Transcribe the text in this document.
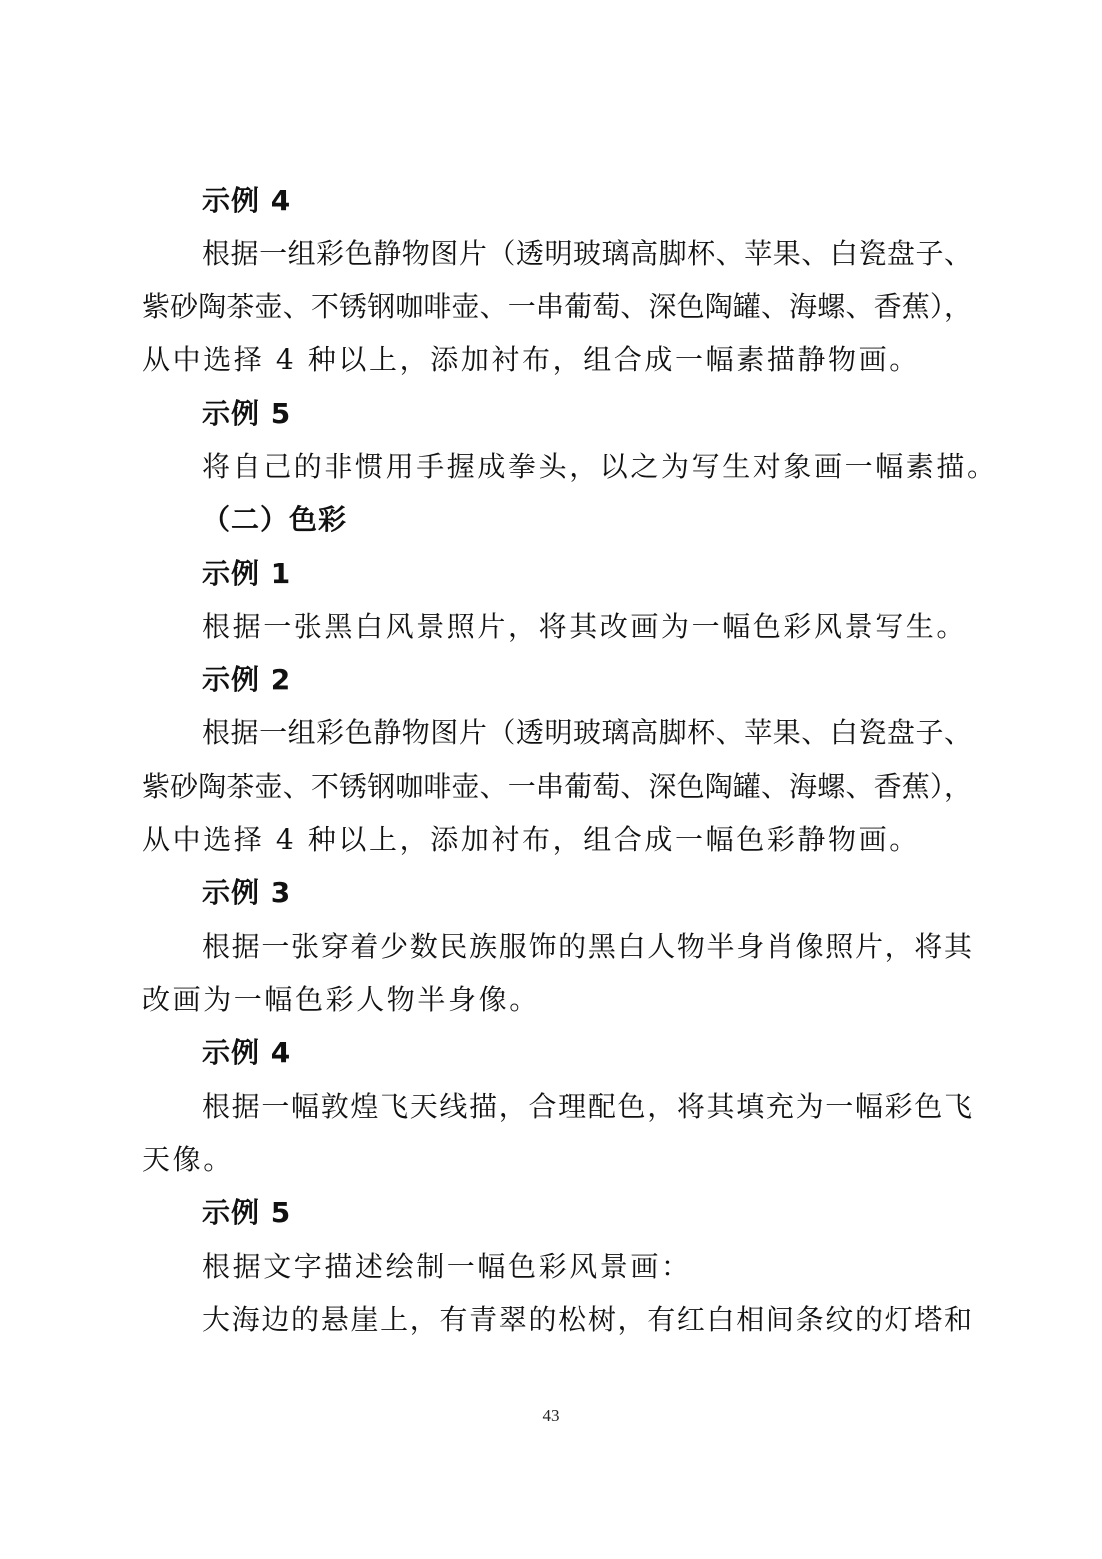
示例 4
根据一组彩色静物图片（透明玻璃高脚杯、苹果、白瓷盘子、
紫砂陶茶壶、不锈钢咖啡壶、一串葡萄、深色陶罐、海螺、香蕉），
从中选择 4 种以上，添加衬布，组合成一幅素描静物画。
示例 5
将自己的非惯用手握成拳头，以之为写生对象画一幅素描。
（二）色彩
示例 1
根据一张黑白风景照片，将其改画为一幅色彩风景写生。
示例 2
根据一组彩色静物图片（透明玻璃高脚杯、苹果、白瓷盘子、
紫砂陶茶壶、不锈钢咖啡壶、一串葡萄、深色陶罐、海螺、香蕉），
从中选择 4 种以上，添加衬布，组合成一幅色彩静物画。
示例 3
根据一张穿着少数民族服饰的黑白人物半身肖像照片，将其
改画为一幅色彩人物半身像。
示例 4
根据一幅敦煌飞天线描，合理配色，将其填充为一幅彩色飞
天像。
示例 5
根据文字描述绘制一幅色彩风景画：
大海边的悬崖上，有青翠的松树，有红白相间条纹的灯塔和
43
